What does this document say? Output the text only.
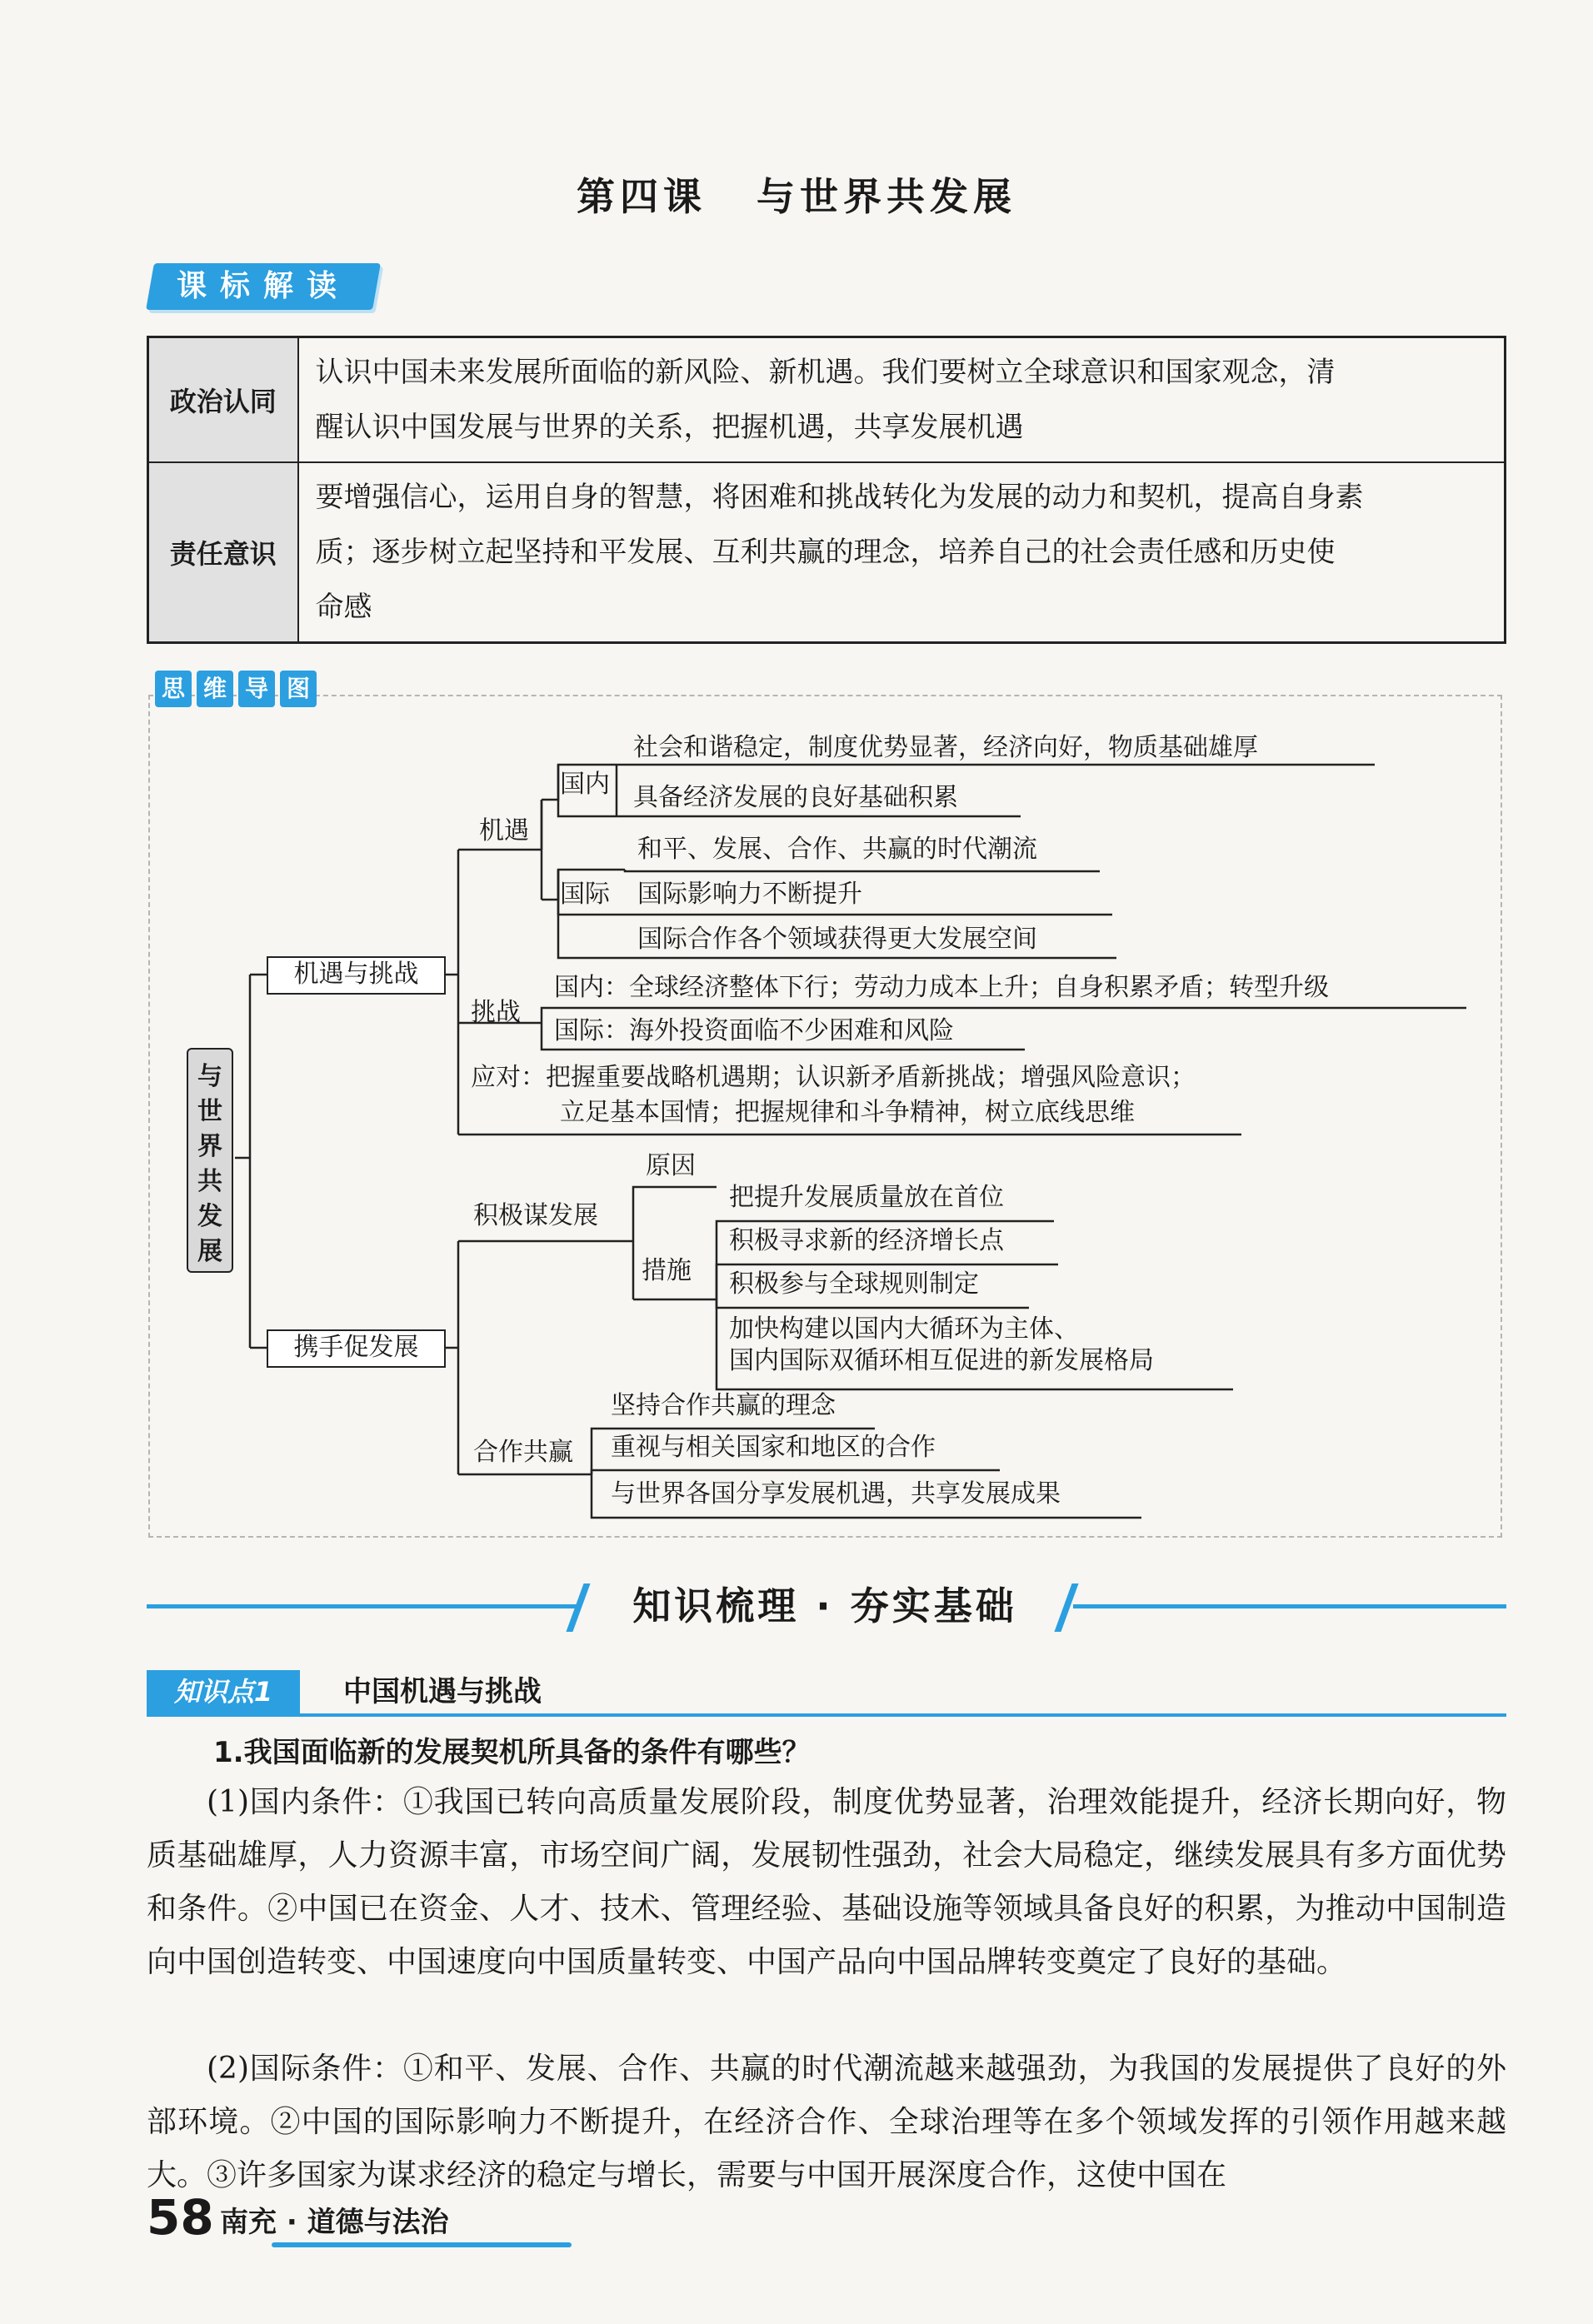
第四课 与世界共发展
课标解读
政治认同	认识中国未来发展所面临的新风险、新机遇。我们要树立全球意识和国家观念，清
醒认识中国发展与世界的关系，把握机遇，共享发展机遇

责任意识	要增强信心，运用自身的智慧，将困难和挑战转化为发展的动力和契机，提高自身素
质；逐步树立起坚持和平发展、互利共赢的理念，培养自己的社会责任感和历史使
命感
思 维 导 图
与世界共发展
机遇与挑战
携手促发展
机遇
国内
国际
社会和谐稳定，制度优势显著，经济向好，物质基础雄厚
具备经济发展的良好基础积累
和平、发展、合作、共赢的时代潮流
国际影响力不断提升
国际合作各个领域获得更大发展空间
挑战
国内：全球经济整体下行；劳动力成本上升；自身积累矛盾；转型升级
国际：海外投资面临不少困难和风险
应对：把握重要战略机遇期；认识新矛盾新挑战；增强风险意识；
立足基本国情；把握规律和斗争精神，树立底线思维
积极谋发展
原因
措施
把提升发展质量放在首位
积极寻求新的经济增长点
积极参与全球规则制定
加快构建以国内大循环为主体、
国内国际双循环相互促进的新发展格局
合作共赢
坚持合作共赢的理念
重视与相关国家和地区的合作
与世界各国分享发展机遇，共享发展成果
知识梳理 · 夯实基础
知识点1	中国机遇与挑战
1.我国面临新的发展契机所具备的条件有哪些？
(1)国内条件：①我国已转向高质量发展阶段，制度优势显著，治理效能提升，经济长期向好，物质基础雄厚，人力资源丰富，市场空间广阔，发展韧性强劲，社会大局稳定，继续发展具有多方面优势和条件。②中国已在资金、人才、技术、管理经验、基础设施等领域具备良好的积累，为推动中国制造向中国创造转变、中国速度向中国质量转变、中国产品向中国品牌转变奠定了良好的基础。
(2)国际条件：①和平、发展、合作、共赢的时代潮流越来越强劲，为我国的发展提供了良好的外部环境。②中国的国际影响力不断提升，在经济合作、全球治理等在多个领域发挥的引领作用越来越大。③许多国家为谋求经济的稳定与增长，需要与中国开展深度合作，这使中国在
58 南充 · 道德与法治
